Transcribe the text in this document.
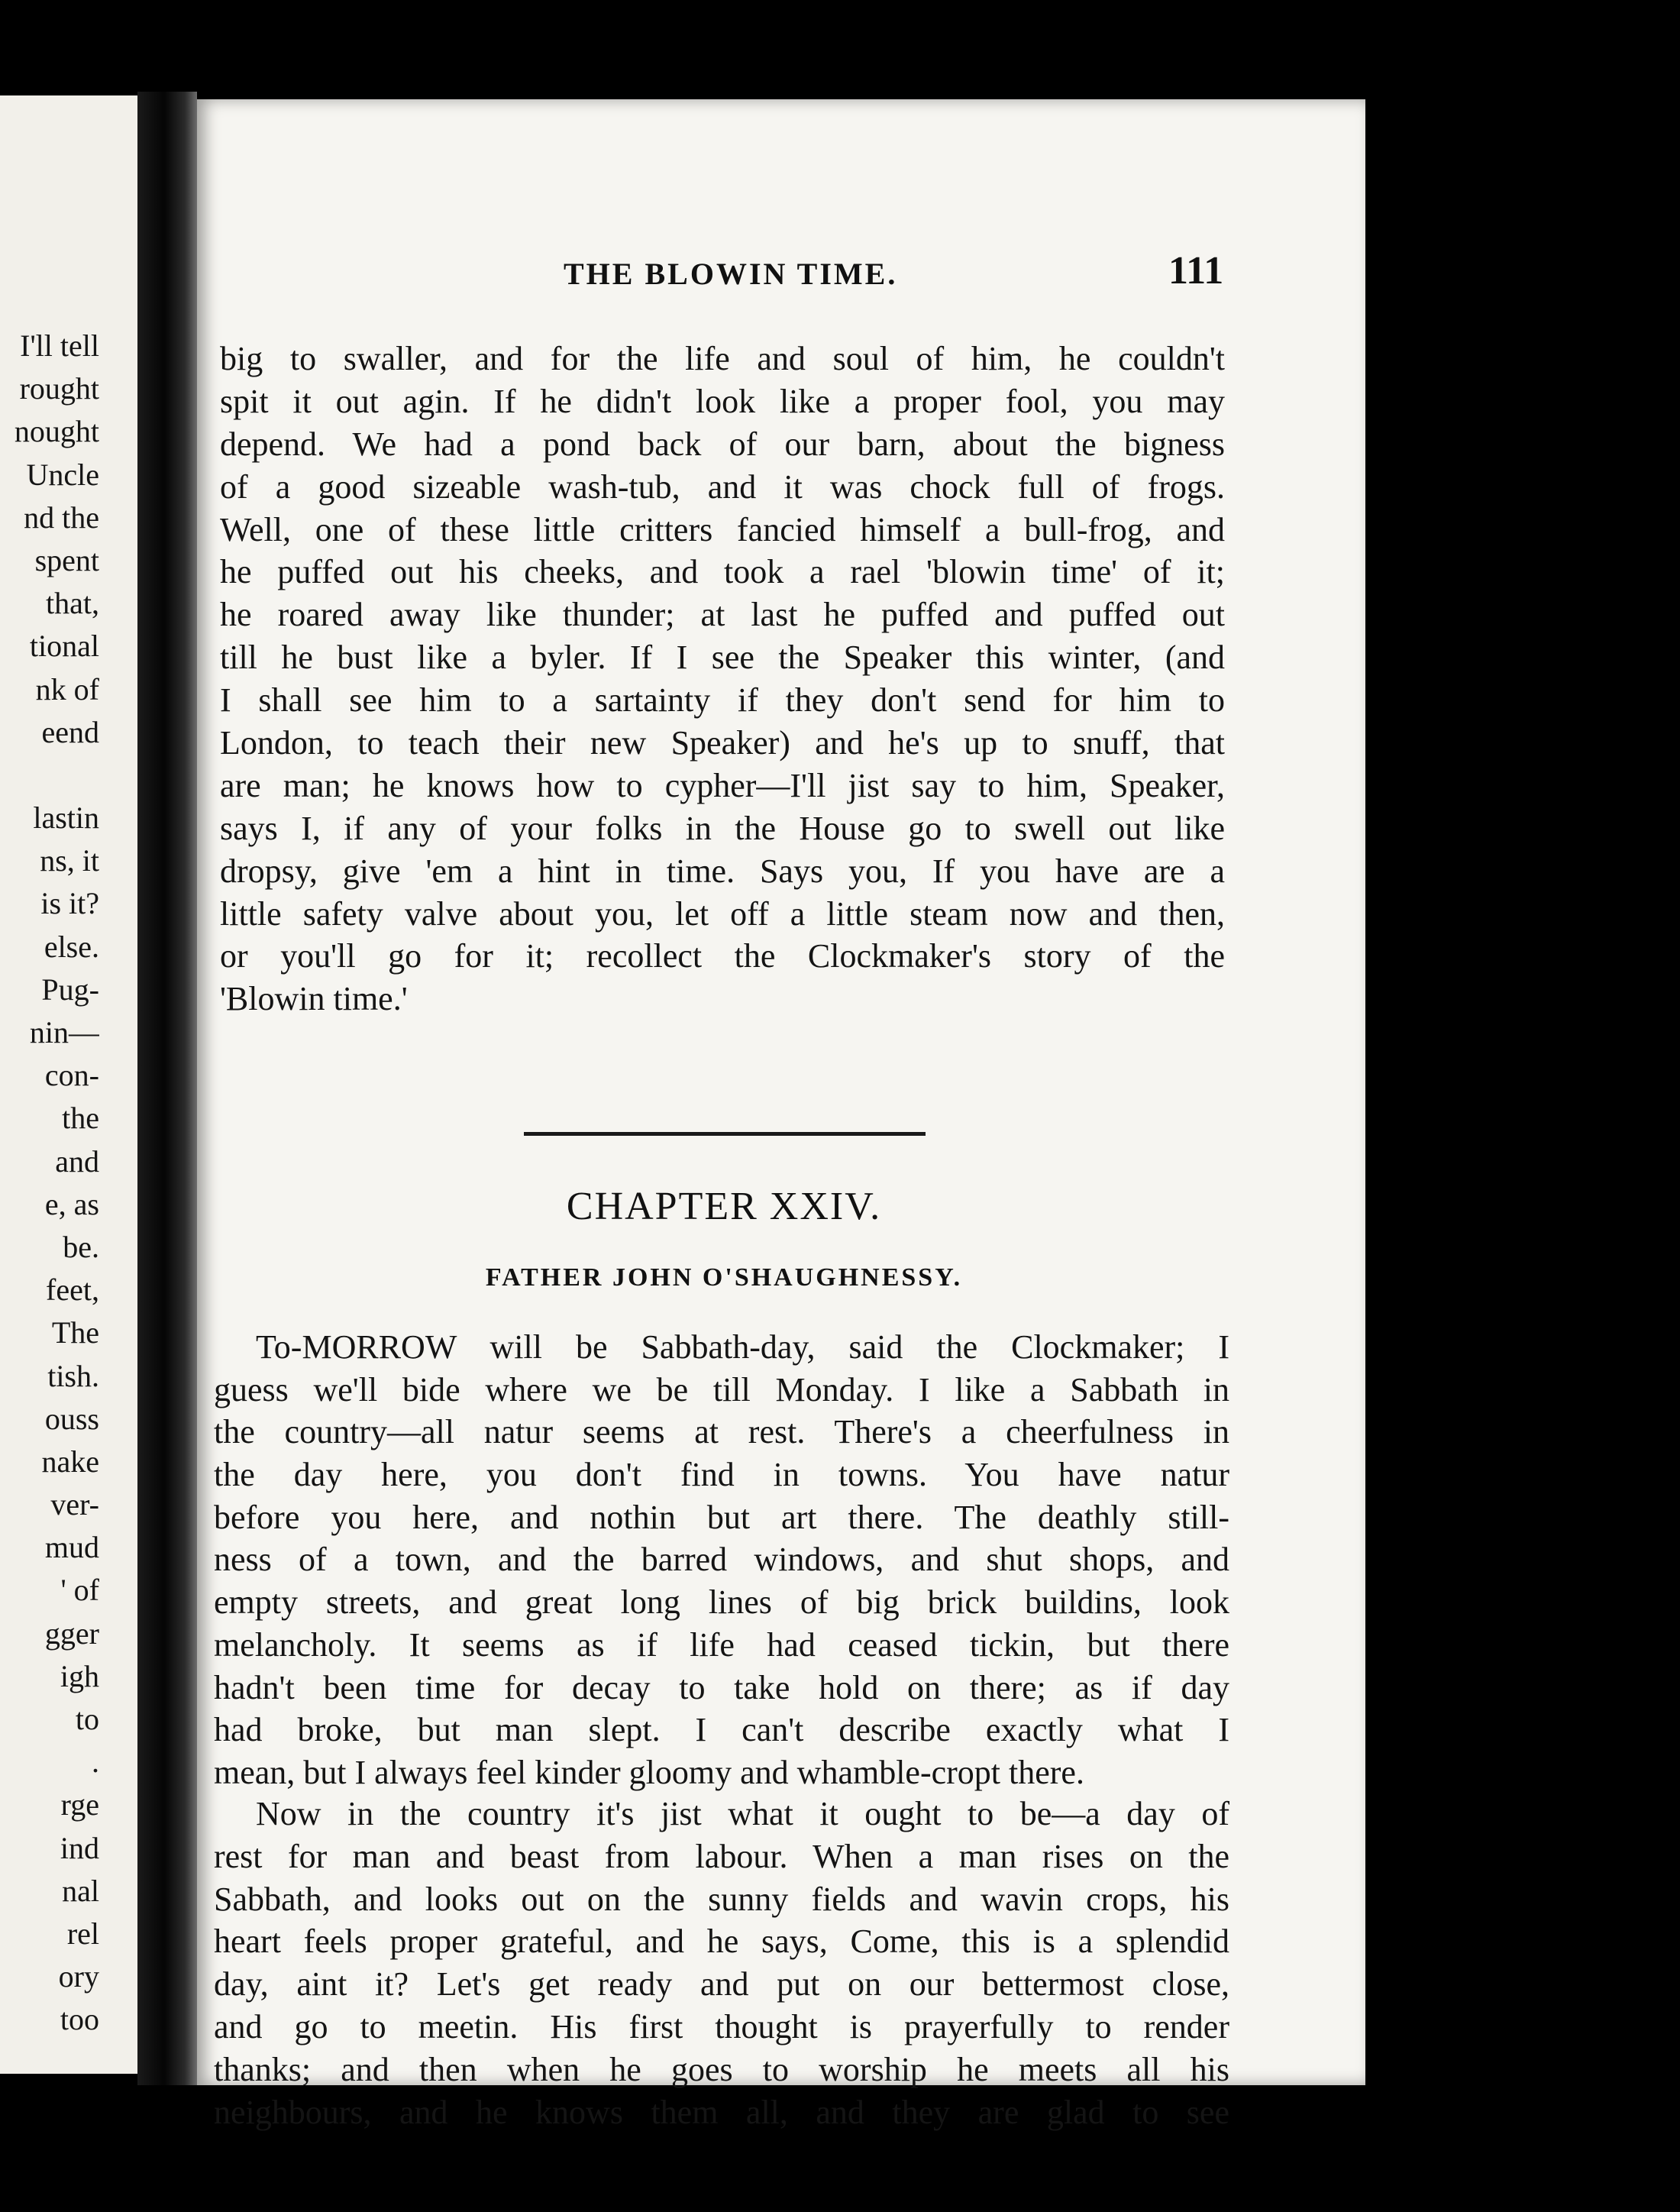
I'll tell
rought
nought
Uncle
nd the
spent
that,
tional
nk of
eend
lastin
ns, it
is it?
else.
Pug-
nin—
con-
the
and
e, as
be.
feet,
The
tish.
ouss
nake
ver-
mud
' of
gger
igh
to
.
rge
ind
nal
rel
ory
too
THE BLOWIN TIME.	111
big to swaller, and for the life and soul of him, he couldn't
spit it out agin. If he didn't look like a proper fool, you may
depend. We had a pond back of our barn, about the bigness
of a good sizeable wash-tub, and it was chock full of frogs.
Well, one of these little critters fancied himself a bull-frog, and
he puffed out his cheeks, and took a rael 'blowin time' of it;
he roared away like thunder; at last he puffed and puffed out
till he bust like a byler. If I see the Speaker this winter, (and
I shall see him to a sartainty if they don't send for him to
London, to teach their new Speaker) and he's up to snuff, that
are man; he knows how to cypher—I'll jist say to him, Speaker,
says I, if any of your folks in the House go to swell out like
dropsy, give 'em a hint in time. Says you, If you have are a
little safety valve about you, let off a little steam now and then,
or you'll go for it; recollect the Clockmaker's story of the
'Blowin time.'
CHAPTER XXIV.
FATHER JOHN O'SHAUGHNESSY.
To-MORROW will be Sabbath-day, said the Clockmaker; I
guess we'll bide where we be till Monday. I like a Sabbath in
the country—all natur seems at rest. There's a cheerfulness in
the day here, you don't find in towns. You have natur
before you here, and nothin but art there. The deathly still-
ness of a town, and the barred windows, and shut shops, and
empty streets, and great long lines of big brick buildins, look
melancholy. It seems as if life had ceased tickin, but there
hadn't been time for decay to take hold on there; as if day
had broke, but man slept. I can't describe exactly what I
mean, but I always feel kinder gloomy and whamble-cropt there.
Now in the country it's jist what it ought to be—a day of
rest for man and beast from labour. When a man rises on the
Sabbath, and looks out on the sunny fields and wavin crops, his
heart feels proper grateful, and he says, Come, this is a splendid
day, aint it? Let's get ready and put on our bettermost close,
and go to meetin. His first thought is prayerfully to render
thanks; and then when he goes to worship he meets all his
neighbours, and he knows them all, and they are glad to see
